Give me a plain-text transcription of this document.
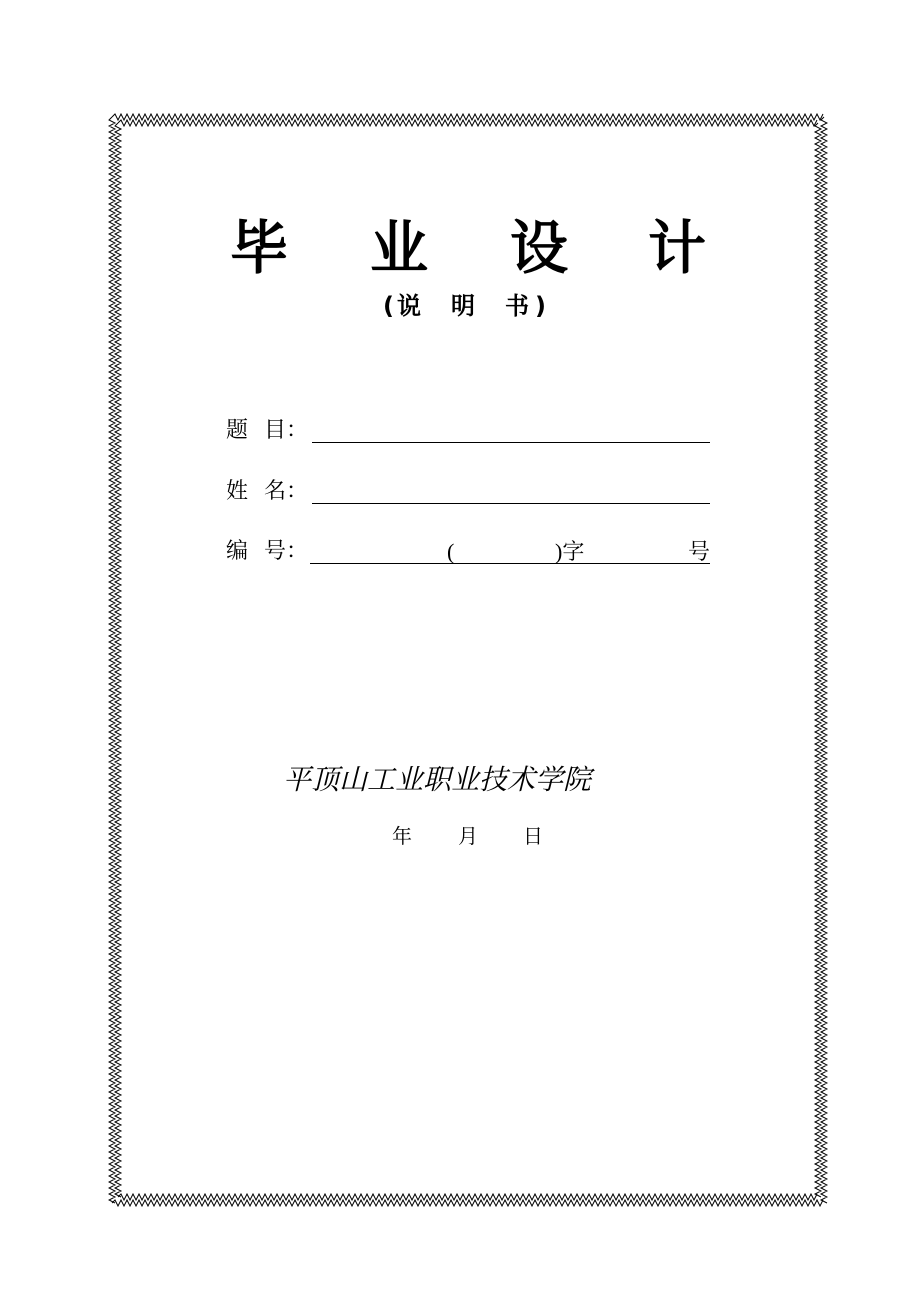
毕 业 设 计
( 说 明 书 )
题 目 ：
姓 名 ：
编 号 ：	(	)字	号
平顶山工业职业技术学院
年 月 日
